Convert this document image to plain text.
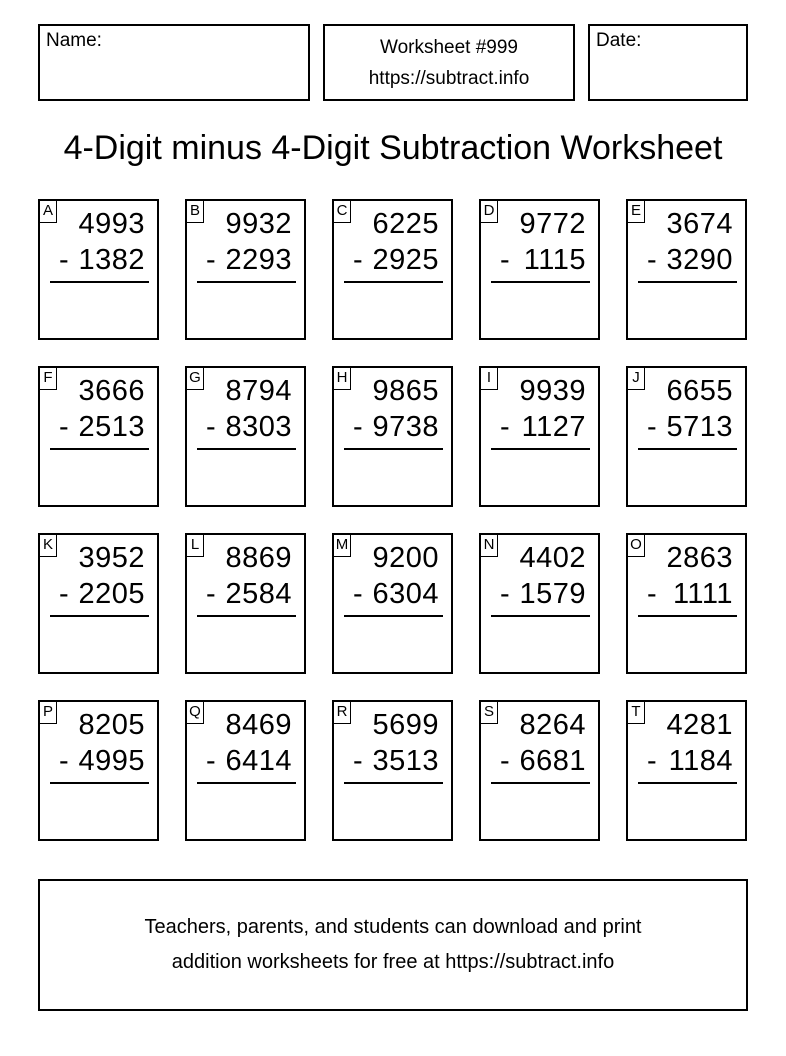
Name:	Worksheet #999
https://subtract.info
Date:
4-Digit minus 4-Digit Subtraction Worksheet
A 4993
- 1382
B 9932
- 2293
C 6225
- 2925
D 9772
- 1115
E 3674
- 3290
F 3666
- 2513
G 8794
- 8303
H 9865
- 9738
I 9939
- 1127
J 6655
- 5713
K 3952
- 2205
L 8869
- 2584
M 9200
- 6304
N 4402
- 1579
O 2863
- 1111
P 8205
- 4995
Q 8469
- 6414
R 5699
- 3513
S 8264
- 6681
T 4281
- 1184
Teachers, parents, and students can download and print
addition worksheets for free at https://subtract.info
